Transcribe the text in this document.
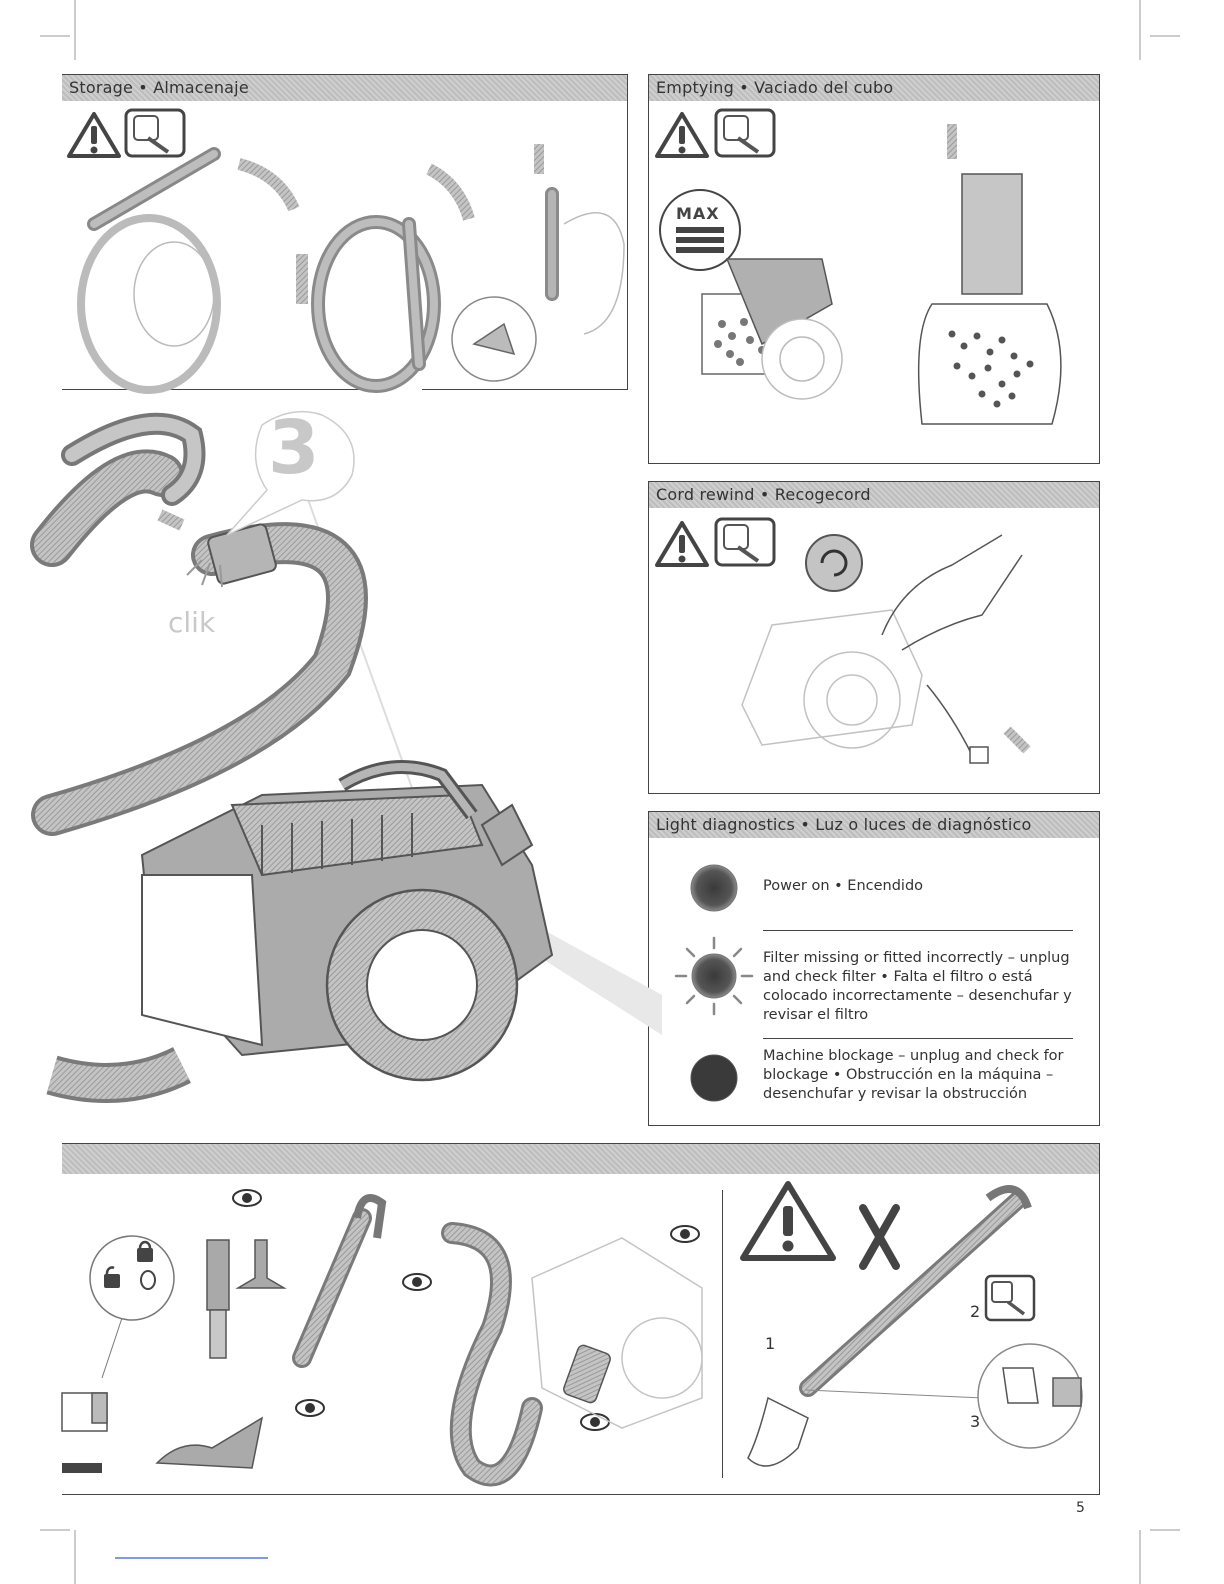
Storage • Almacenaje	Emptying • Vaciado del cubo
MAX
Cord rewind • Recogecord
Light diagnostics • Luz o luces de diagnóstico
Power on • Encendido
Filter missing or fitted incorrectly – unplug and check filter • Falta el filtro o está colocado incorrectamente – desenchufar y revisar el filtro
Machine blockage – unplug and check for blockage • Obstrucción en la máquina – desenchufar y revisar la obstrucción
3
clik
1
2
3
5
